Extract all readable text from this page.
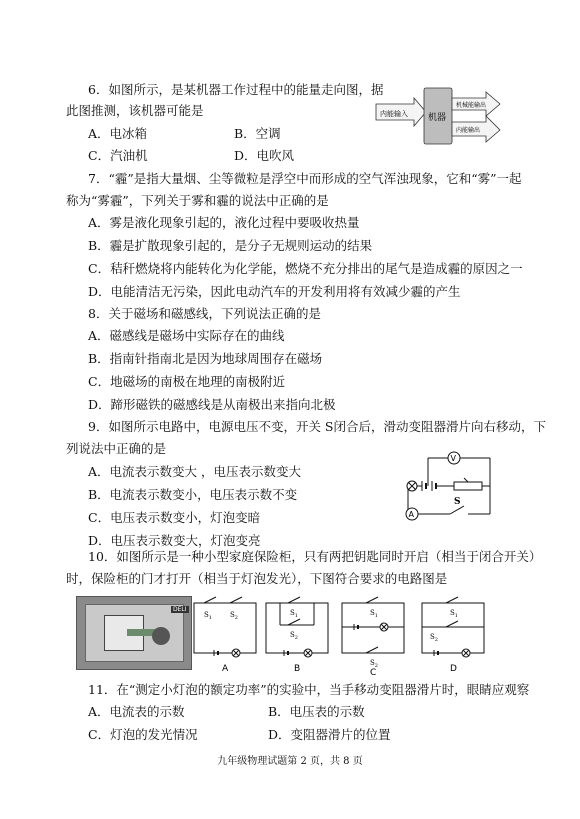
6．如图所示，是某机器工作过程中的能量走向图，据
此图推测，该机器可能是
A．电冰箱	B．空调
C．汽油机	D．电吹风
内能输入 机器
机械能输出
内能输出
7．“霾”是指大量烟、尘等微粒是浮空中而形成的空气浑浊现象，它和“雾”一起
称为“雾霾”，下列关于雾和霾的说法中正确的是
A．雾是液化现象引起的，液化过程中要吸收热量
B．霾是扩散现象引起的，是分子无规则运动的结果
C．秸秆燃烧将内能转化为化学能，燃烧不充分排出的尾气是造成霾的原因之一
D．电能清洁无污染，因此电动汽车的开发利用将有效减少霾的产生
8．关于磁场和磁感线，下列说法正确的是
A．磁感线是磁场中实际存在的曲线
B．指南针指南北是因为地球周围存在磁场
C．地磁场的南极在地理的南极附近
D．蹄形磁铁的磁感线是从南极出来指向北极
9．如图所示电路中，电源电压不变，开关 S闭合后，滑动变阻器滑片向右移动，下
列说法中正确的是
A．电流表示数变大 ，电压表示数变大
B．电流表示数变小，电压表示数不变
C．电压表示数变小，灯泡变暗
D．电压表示数变大，灯泡变亮
V
A
S
10．如图所示是一种小型家庭保险柜，只有两把钥匙同时开启（相当于闭合开关）
时，保险柜的门才打开（相当于灯泡发光），下图符合要求的电路图是
DELI
$S_1$	$S_2$
A
$S_1$
$S_2$
B
$S_1$
$S_2$
C
$S_1$
$S_2$
D
11．在“测定小灯泡的额定功率”的实验中，当手移动变阻器滑片时，眼睛应观察
A．电流表的示数	B．电压表的示数
C．灯泡的发光情况	D．变阻器滑片的位置
九年级物理试题第 2 页，共 8 页
